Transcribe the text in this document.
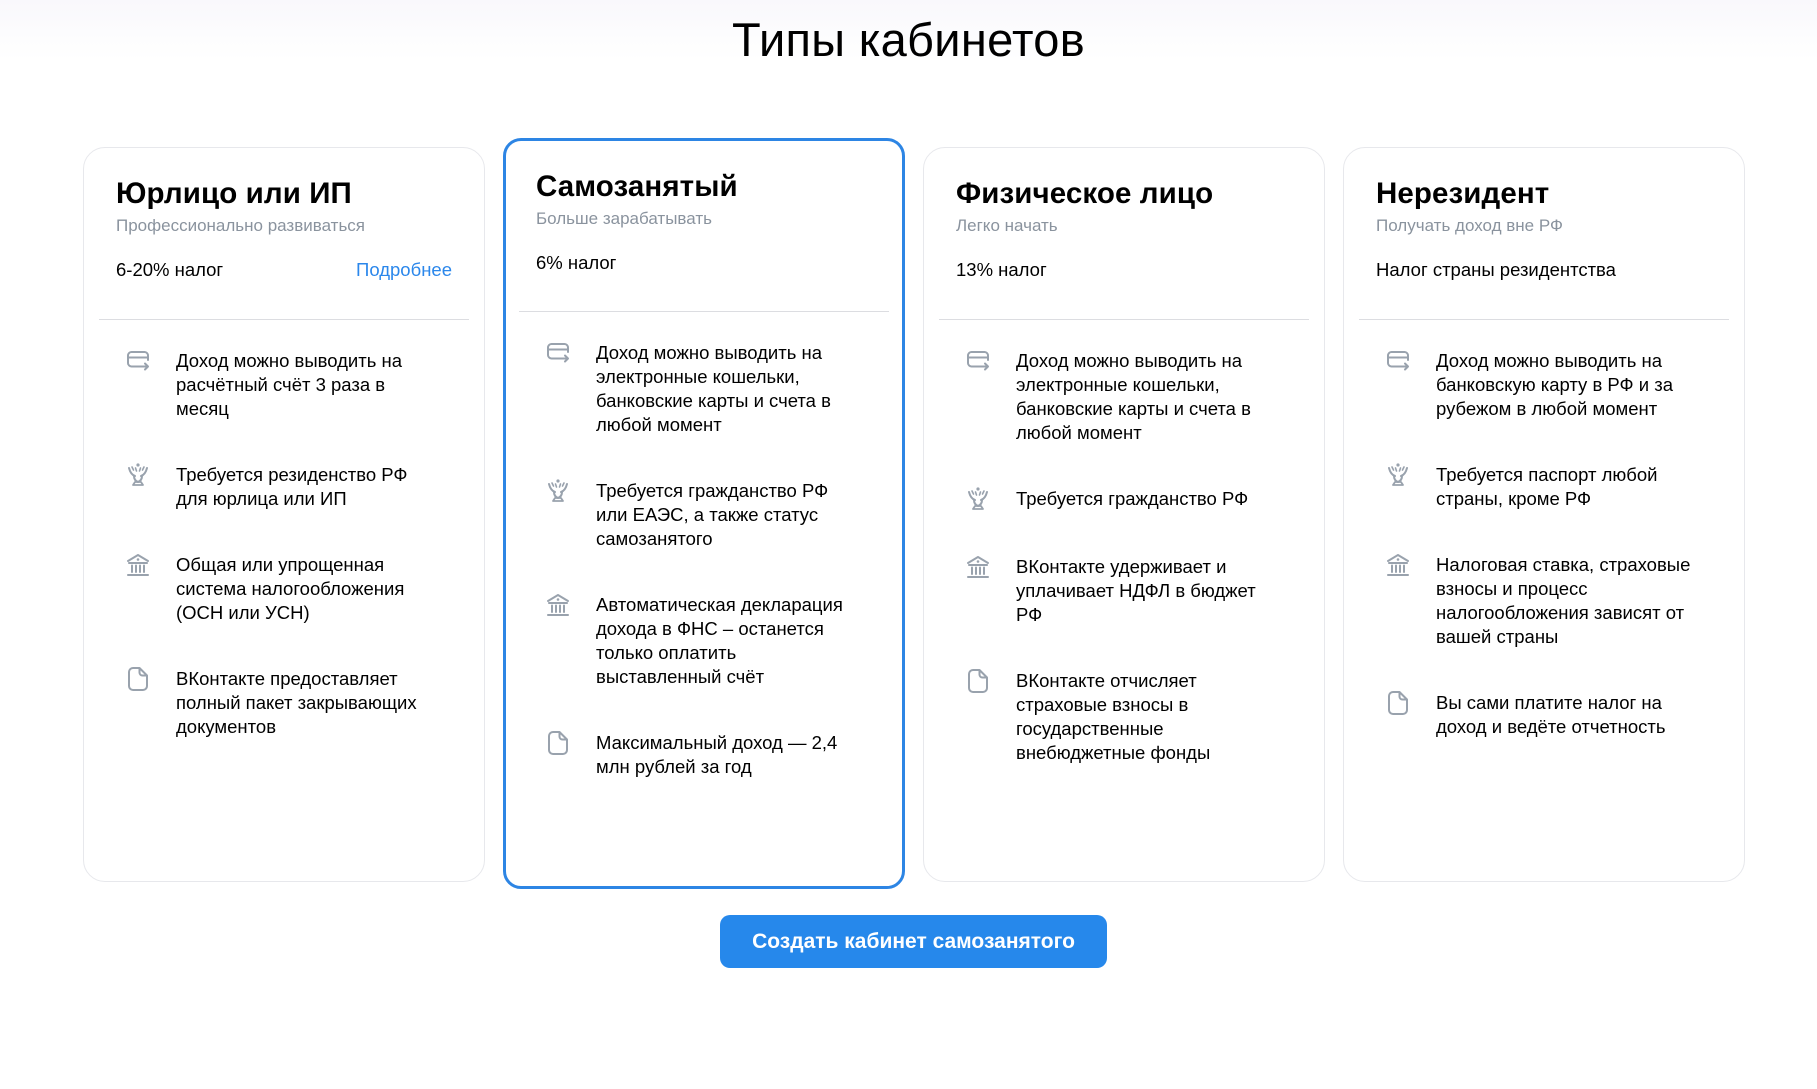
Типы кабинетов
Юрлицо или ИП
Профессионально развиваться
6-20% налог	Подробнее
Доход можно выводить на расчётный счёт 3 раза в месяц
Требуется резиденство РФ для юрлица или ИП
Общая или упрощенная система налогообложения (ОСН или УСН)
ВКонтакте предоставляет полный пакет закрывающих документов
Самозанятый
Больше зарабатывать
6% налог
Доход можно выводить на электронные кошельки, банковские карты и счета в любой момент
Требуется гражданство РФ или ЕАЭС, а также статус самозанятого
Автоматическая декларация дохода в ФНС – останется только оплатить выставленный счёт
Максимальный доход — 2,4 млн рублей за год
Физическое лицо
Легко начать
13% налог
Доход можно выводить на электронные кошельки, банковские карты и счета в любой момент
Требуется гражданство РФ
ВКонтакте удерживает и уплачивает НДФЛ в бюджет РФ
ВКонтакте отчисляет страховые взносы в государственные внебюджетные фонды
Нерезидент
Получать доход вне РФ
Налог страны резидентства
Доход можно выводить на банковскую карту в РФ и за рубежом в любой момент
Требуется паспорт любой страны, кроме РФ
Налоговая ставка, страховые взносы и процесс налогообложения зависят от вашей страны
Вы сами платите налог на доход и ведёте отчетность
Создать кабинет самозанятого
